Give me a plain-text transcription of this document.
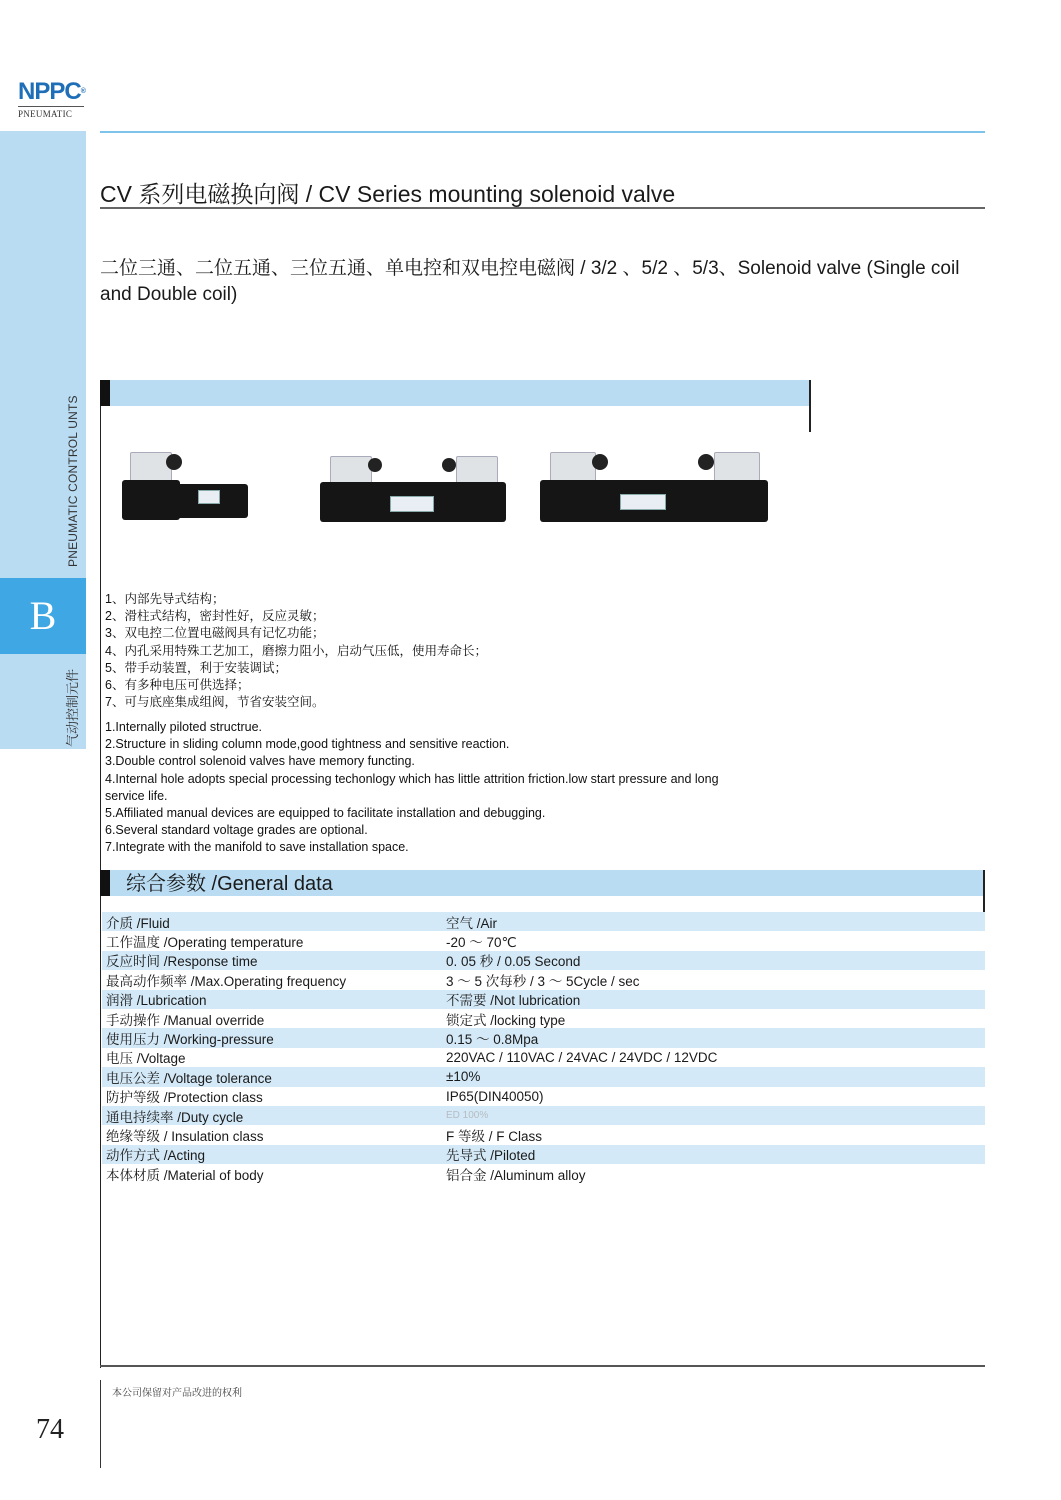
NPPC®
PNEUMATIC
PNEUMATIC CONTROL UNTS
B
气动控制元件
CV 系列电磁换向阀 / CV Series mounting solenoid valve
二位三通、二位五通、三位五通、单电控和双电控电磁阀 / 3/2 、5/2 、5/3、Solenoid valve (Single coil and Double coil)
1、内部先导式结构；
2、滑柱式结构，密封性好，反应灵敏；
3、双电控二位置电磁阀具有记忆功能；
4、内孔采用特殊工艺加工，磨擦力阻小，启动气压低，使用寿命长；
5、带手动装置，利于安装调试；
6、有多种电压可供选择；
7、可与底座集成组阀，节省安装空间。
1.Internally piloted structrue.
2.Structure in sliding column mode,good tightness and sensitive reaction.
3.Double control solenoid valves have memory functing.
4.Internal hole adopts special processing techonlogy which has little attrition friction.low start pressure and long service life.
5.Affiliated manual devices are equipped to facilitate installation and debugging.
6.Several standard voltage grades are optional.
7.Integrate with the manifold to save installation space.
综合参数 /General data
介质 /Fluid	空气 /Air
工作温度 /Operating temperature	-20 ～ 70℃
反应时间 /Response time	0. 05 秒 / 0.05 Second
最高动作频率 /Max.Operating frequency	3 ～ 5 次每秒 / 3 ～ 5Cycle / sec
润滑 /Lubrication	不需要 /Not lubrication
手动操作 /Manual override	锁定式 /locking type
使用压力 /Working-pressure	0.15 ～ 0.8Mpa
电压 /Voltage	220VAC / 110VAC / 24VAC / 24VDC / 12VDC
电压公差 /Voltage tolerance	±10%
防护等级 /Protection class	IP65(DIN40050)
通电持续率 /Duty cycle	ED 100%
绝缘等级 / Insulation class	F 等级 / F Class
动作方式 /Acting	先导式 /Piloted
本体材质 /Material of body	铝合金 /Aluminum alloy
本公司保留对产品改进的权利
74
